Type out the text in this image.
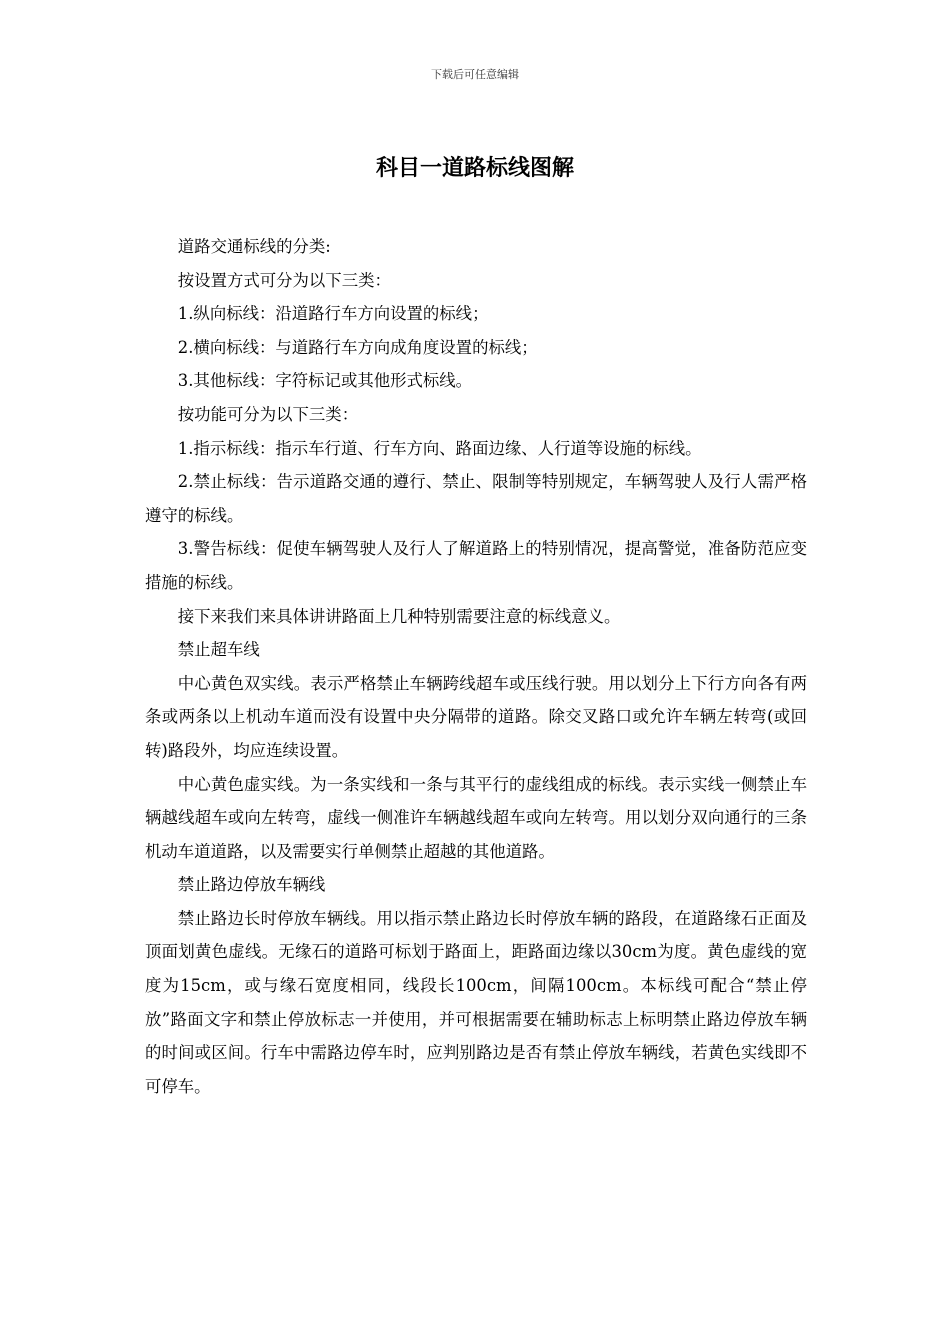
下载后可任意编辑
科目一道路标线图解

道路交通标线的分类:

按设置方式可分为以下三类：

1.纵向标线：沿道路行车方向设置的标线；

2.横向标线：与道路行车方向成角度设置的标线；

3.其他标线：字符标记或其他形式标线。

按功能可分为以下三类：

1.指示标线：指示车行道、行车方向、路面边缘、人行道等设施的标线。

2.禁止标线：告示道路交通的遵行、禁止、限制等特别规定，车辆驾驶人及行人需严格遵守的标线。

3.警告标线：促使车辆驾驶人及行人了解道路上的特别情况，提高警觉，准备防范应变措施的标线。

接下来我们来具体讲讲路面上几种特别需要注意的标线意义。

禁止超车线

中心黄色双实线。表示严格禁止车辆跨线超车或压线行驶。用以划分上下行方向各有两条或两条以上机动车道而没有设置中央分隔带的道路。除交叉路口或允许车辆左转弯(或回转)路段外，均应连续设置。

中心黄色虚实线。为一条实线和一条与其平行的虚线组成的标线。表示实线一侧禁止车辆越线超车或向左转弯，虚线一侧准许车辆越线超车或向左转弯。用以划分双向通行的三条机动车道道路，以及需要实行单侧禁止超越的其他道路。

禁止路边停放车辆线

禁止路边长时停放车辆线。用以指示禁止路边长时停放车辆的路段，在道路缘石正面及顶面划黄色虚线。无缘石的道路可标划于路面上，距路面边缘以30cm为度。黄色虚线的宽度为15cm，或与缘石宽度相同，线段长100cm，间隔100cm。本标线可配合“禁止停放”路面文字和禁止停放标志一并使用，并可根据需要在辅助标志上标明禁止路边停放车辆的时间或区间。行车中需路边停车时，应判别路边是否有禁止停放车辆线，若黄色实线即不可停车。
